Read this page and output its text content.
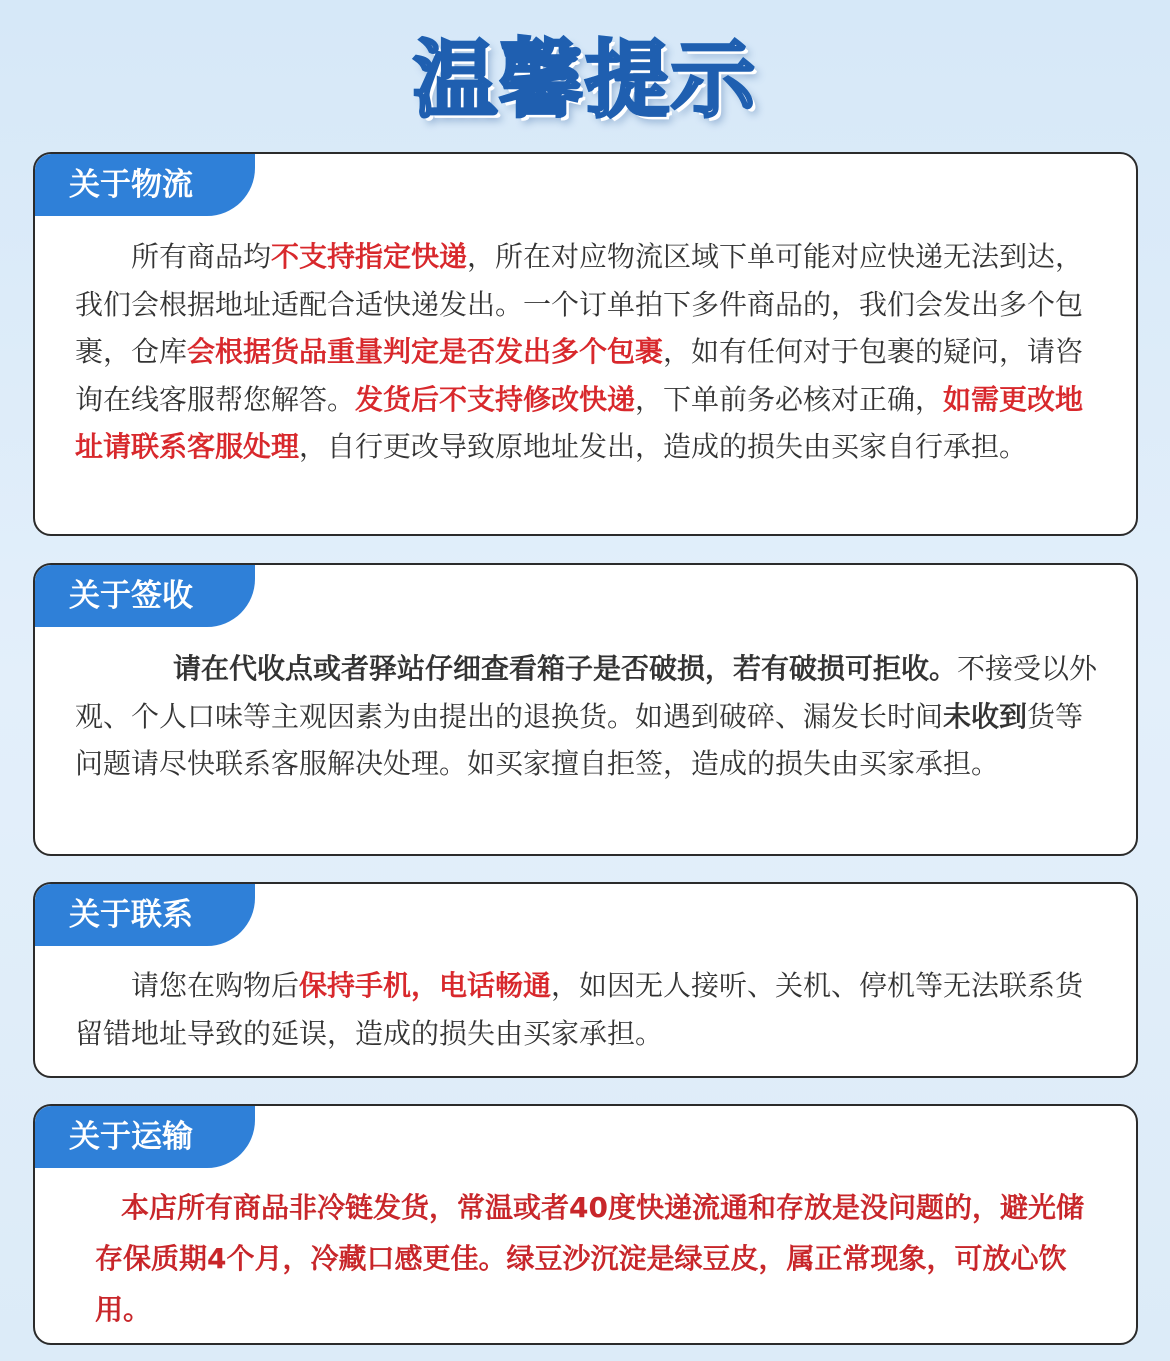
温馨提示
关于物流
所有商品均不支持指定快递，所在对应物流区域下单可能对应快递无法到达，我们会根据地址适配合适快递发出。一个订单拍下多件商品的，我们会发出多个包裹，仓库会根据货品重量判定是否发出多个包裹，如有任何对于包裹的疑问，请咨询在线客服帮您解答。发货后不支持修改快递，下单前务必核对正确，如需更改地址请联系客服处理，自行更改导致原地址发出，造成的损失由买家自行承担。
关于签收
请在代收点或者驿站仔细查看箱子是否破损，若有破损可拒收。不接受以外观、个人口味等主观因素为由提出的退换货。如遇到破碎、漏发长时间未收到货等问题请尽快联系客服解决处理。如买家擅自拒签，造成的损失由买家承担。
关于联系
请您在购物后保持手机，电话畅通，如因无人接听、关机、停机等无法联系货留错地址导致的延误，造成的损失由买家承担。
关于运输
本店所有商品非冷链发货，常温或者40度快递流通和存放是没问题的，避光储存保质期4个月，冷藏口感更佳。绿豆沙沉淀是绿豆皮，属正常现象，可放心饮用。
